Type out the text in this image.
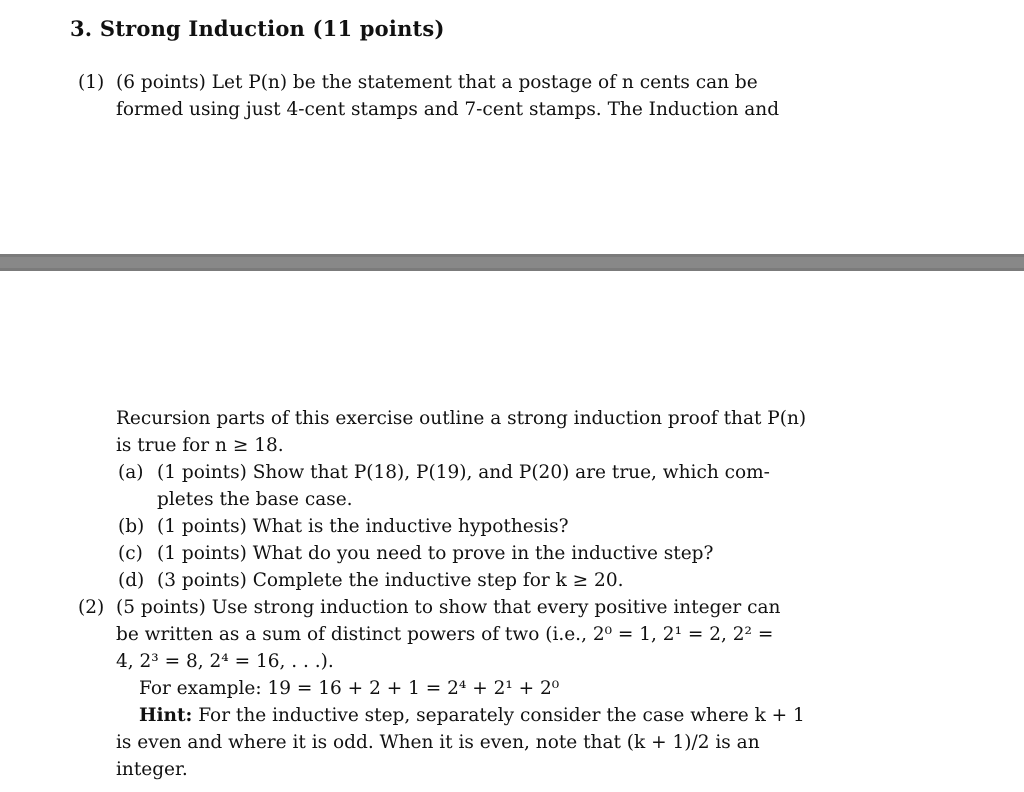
3. Strong Induction (11 points)
(1) (6 points) Let P(n) be the statement that a postage of n cents can be
formed using just 4-cent stamps and 7-cent stamps. The Induction and
Recursion parts of this exercise outline a strong induction proof that P(n)
is true for n ≥ 18.
(a) (1 points) Show that P(18), P(19), and P(20) are true, which com-
pletes the base case.
(b) (1 points) What is the inductive hypothesis?
(c) (1 points) What do you need to prove in the inductive step?
(d) (3 points) Complete the inductive step for k ≥ 20.
(2) (5 points) Use strong induction to show that every positive integer can
be written as a sum of distinct powers of two (i.e., 2⁰ = 1, 2¹ = 2, 2² =
4, 2³ = 8, 2⁴ = 16, . . .).
For example: 19 = 16 + 2 + 1 = 2⁴ + 2¹ + 2⁰
Hint: For the inductive step, separately consider the case where k + 1
is even and where it is odd. When it is even, note that (k + 1)/2 is an
integer.
